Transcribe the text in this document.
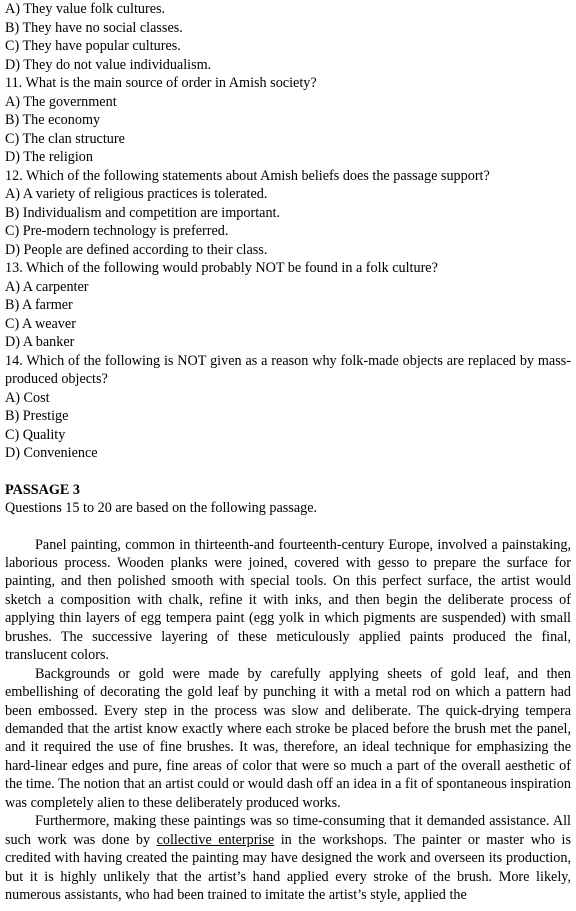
A) They value folk cultures.
B) They have no social classes.
C) They have popular cultures.
D) They do not value individualism.
11. What is the main source of order in Amish society?
A) The government
B) The economy
C) The clan structure
D) The religion
12. Which of the following statements about Amish beliefs does the passage support?
A) A variety of religious practices is tolerated.
B) Individualism and competition are important.
C) Pre-modern technology is preferred.
D) People are defined according to their class.
13. Which of the following would probably NOT be found in a folk culture?
A) A carpenter
B) A farmer
C) A weaver
D) A banker
14. Which of the following is NOT given as a reason why folk-made objects are replaced by mass-produced objects?
A) Cost
B) Prestige
C) Quality
D) Convenience
PASSAGE 3
Questions 15 to 20 are based on the following passage.

Panel painting, common in thirteenth-and fourteenth-century Europe, involved a painstaking, laborious process. Wooden planks were joined, covered with gesso to prepare the surface for painting, and then polished smooth with special tools. On this perfect surface, the artist would sketch a composition with chalk, refine it with inks, and then begin the deliberate process of applying thin layers of egg tempera paint (egg yolk in which pigments are suspended) with small brushes. The successive layering of these meticulously applied paints produced the final, translucent colors.

Backgrounds or gold were made by carefully applying sheets of gold leaf, and then embellishing of decorating the gold leaf by punching it with a metal rod on which a pattern had been embossed. Every step in the process was slow and deliberate. The quick-drying tempera demanded that the artist know exactly where each stroke be placed before the brush met the panel, and it required the use of fine brushes. It was, therefore, an ideal technique for emphasizing the hard-linear edges and pure, fine areas of color that were so much a part of the overall aesthetic of the time. The notion that an artist could or would dash off an idea in a fit of spontaneous inspiration was completely alien to these deliberately produced works.

Furthermore, making these paintings was so time-consuming that it demanded assistance. All such work was done by collective enterprise in the workshops. The painter or master who is credited with having created the painting may have designed the work and overseen its production, but it is highly unlikely that the artist’s hand applied every stroke of the brush. More likely, numerous assistants, who had been trained to imitate the artist’s style, applied the
